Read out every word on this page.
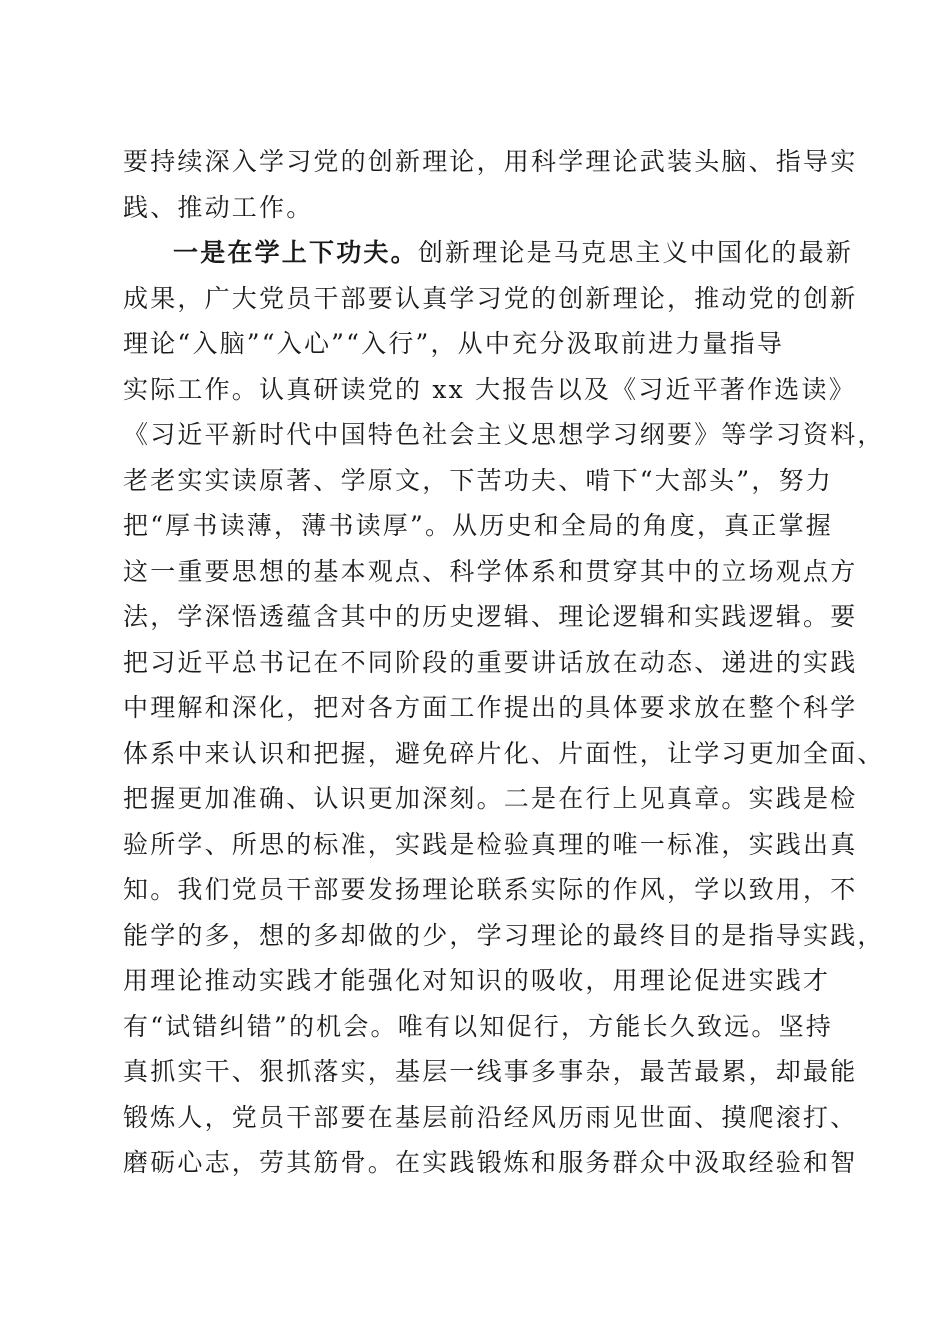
要持续深入学习党的创新理论，用科学理论武装头脑、指导实
践、推动工作。
一是在学上下功夫。创新理论是马克思主义中国化的最新
成果，广大党员干部要认真学习党的创新理论，推动党的创新
理论“入脑”“入心”“入行”，从中充分汲取前进力量指导
实际工作。认真研读党的 xx 大报告以及《习近平著作选读》
《习近平新时代中国特色社会主义思想学习纲要》等学习资料，
老老实实读原著、学原文，下苦功夫、啃下“大部头”，努力
把“厚书读薄，薄书读厚”。从历史和全局的角度，真正掌握
这一重要思想的基本观点、科学体系和贯穿其中的立场观点方
法，学深悟透蕴含其中的历史逻辑、理论逻辑和实践逻辑。要
把习近平总书记在不同阶段的重要讲话放在动态、递进的实践
中理解和深化，把对各方面工作提出的具体要求放在整个科学
体系中来认识和把握，避免碎片化、片面性，让学习更加全面、
把握更加准确、认识更加深刻。二是在行上见真章。实践是检
验所学、所思的标准，实践是检验真理的唯一标准，实践出真
知。我们党员干部要发扬理论联系实际的作风，学以致用，不
能学的多，想的多却做的少，学习理论的最终目的是指导实践，
用理论推动实践才能强化对知识的吸收，用理论促进实践才
有“试错纠错”的机会。唯有以知促行，方能长久致远。坚持
真抓实干、狠抓落实，基层一线事多事杂，最苦最累，却最能
锻炼人，党员干部要在基层前沿经风历雨见世面、摸爬滚打、
磨砺心志，劳其筋骨。在实践锻炼和服务群众中汲取经验和智
